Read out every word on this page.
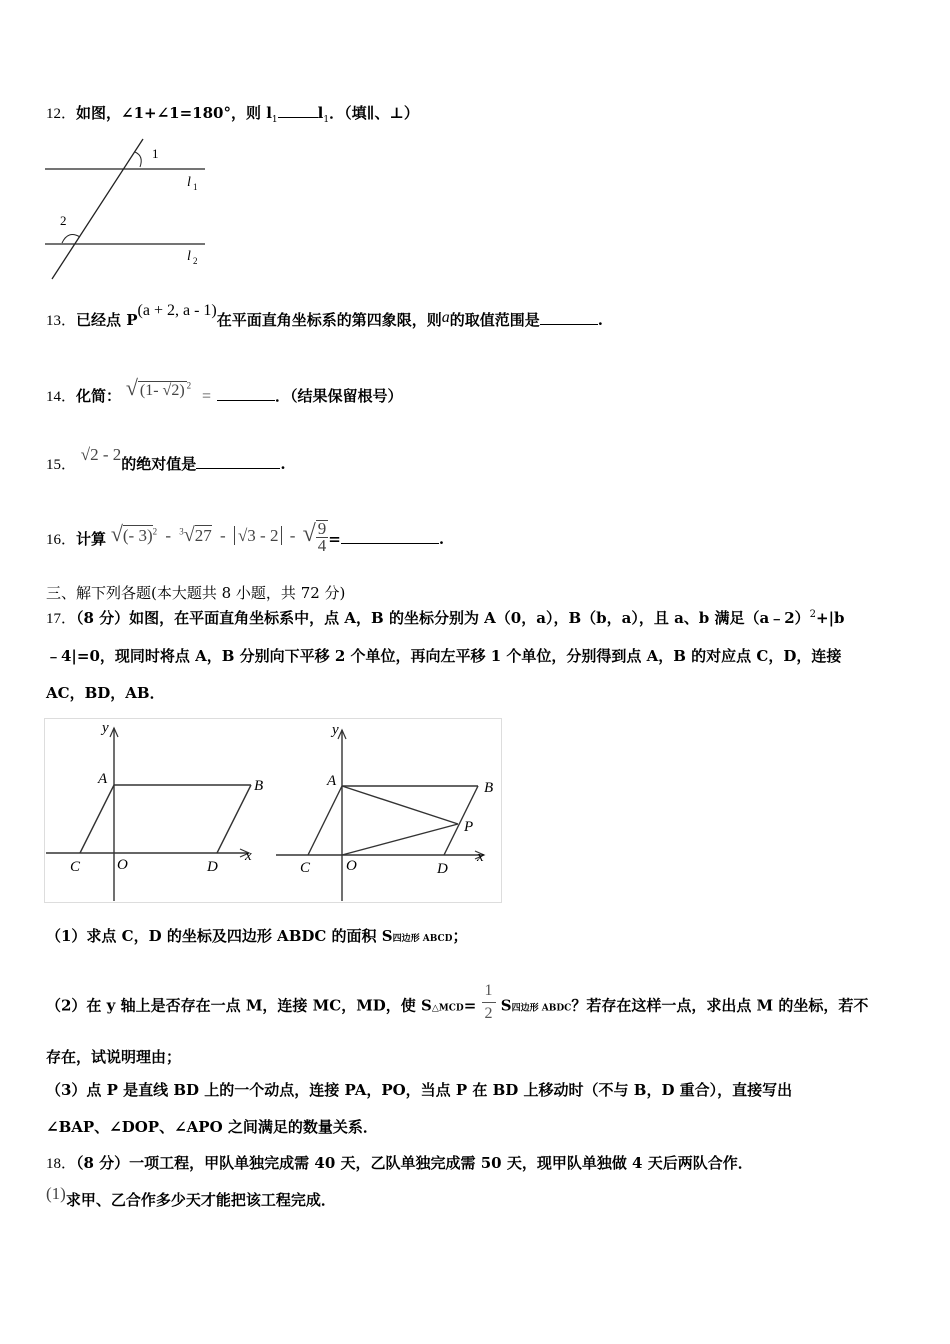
12．如图，∠1+∠1=180°，则 $l_1$	$l_1$．（填∥、⊥）
1
2
l 1
l 2
13．已经点 P(a + 2, a - 1)在平面直角坐标系的第四象限，则a的取值范围是	.
14．化简： √ (1- √2) $^2$ =	．（结果保留根号）
15． √2 - 2的绝对值是	.
16．计算 √(- 3)$^2$ - $^3$√27 - √3 - 2 - √ $\frac{9}{4}$ =	.
三、解下列各题(本大题共 8 小题，共 72 分)
17．（8 分）如图，在平面直角坐标系中，点 A，B 的坐标分别为 A（0，a），B（b，a），且 a、b 满足（a﹣2）$^2$+|b
﹣4|=0，现同时将点 A，B 分别向下平移 2 个单位，再向左平移 1 个单位，分别得到点 A，B 的对应点 C，D，连接
AC，BD，AB．
y
x
A	B
C O	D
y
x
A	B
C O	D
P
（1）求点 C，D 的坐标及四边形 ABDC 的面积 S四边形 ABCD；
（2）在 y 轴上是否存在一点 M，连接 MC，MD，使 S△MCD= $\frac{1}{2}$ S四边形 ABDC？若存在这样一点，求出点 M 的坐标，若不
存在，试说明理由；
（3）点 P 是直线 BD 上的一个动点，连接 PA，PO，当点 P 在 BD 上移动时（不与 B，D 重合），直接写出
∠BAP、∠DOP、∠APO 之间满足的数量关系．
18．（8 分）一项工程，甲队单独完成需 40 天，乙队单独完成需 50 天，现甲队单独做 4 天后两队合作．
(1)求甲、乙合作多少天才能把该工程完成．
